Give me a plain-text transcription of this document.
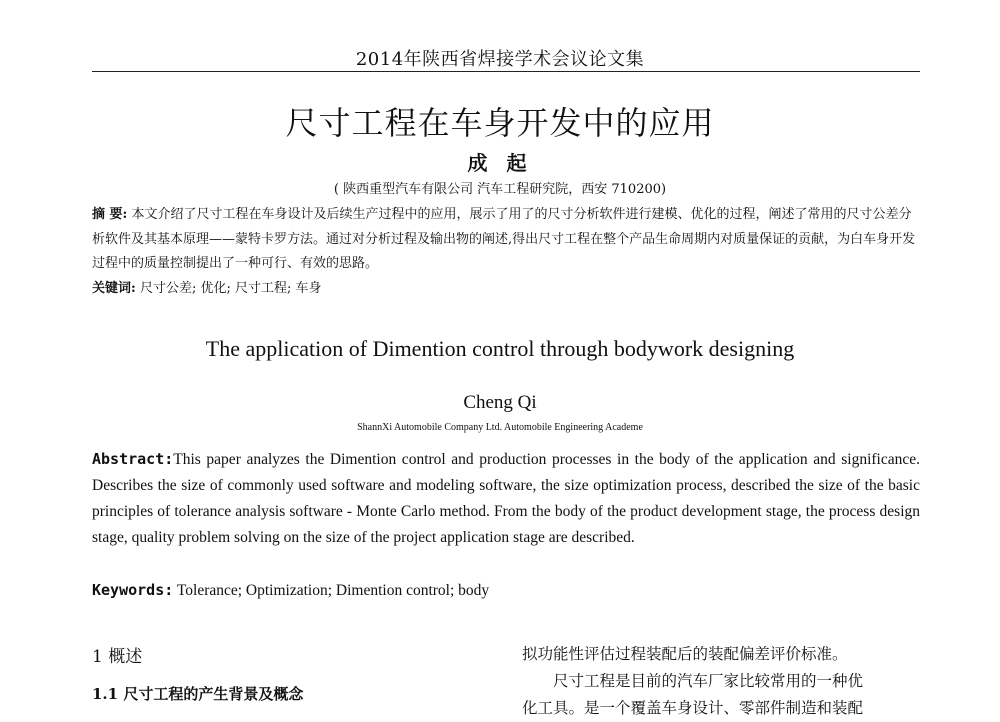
2014年陕西省焊接学术会议论文集
尺寸工程在车身开发中的应用
成 起
( 陕西重型汽车有限公司 汽车工程研究院，西安 710200)

摘 要: 本文介绍了尺寸工程在车身设计及后续生产过程中的应用，展示了用了的尺寸分析软件进行建模、优化的过程，阐述了常用的尺寸公差分析软件及其基本原理——蒙特卡罗方法。通过对分析过程及输出物的阐述,得出尺寸工程在整个产品生命周期内对质量保证的贡献，为白车身开发过程中的质量控制提出了一种可行、有效的思路。

关键词: 尺寸公差; 优化; 尺寸工程; 车身

The application of Dimention control through bodywork designing
Cheng Qi
ShannXi Automobile Company Ltd. Automobile Engineering Academe
Abstract:This paper analyzes the Dimention control and production processes in the body of the application and significance. Describes the size of commonly used software and modeling software, the size optimization process, described the size of the basic principles of tolerance analysis software - Monte Carlo method. From the body of the product development stage, the process design stage, quality problem solving on the size of the project application stage are described.
Keywords: Tolerance; Optimization; Dimention control; body
1 概述
1.1 尺寸工程的产生背景及概念
拟功能性评估过程装配后的装配偏差评价标准。
尺寸工程是目前的汽车厂家比较常用的一种优
化工具。是一个覆盖车身设计、零部件制造和装配
